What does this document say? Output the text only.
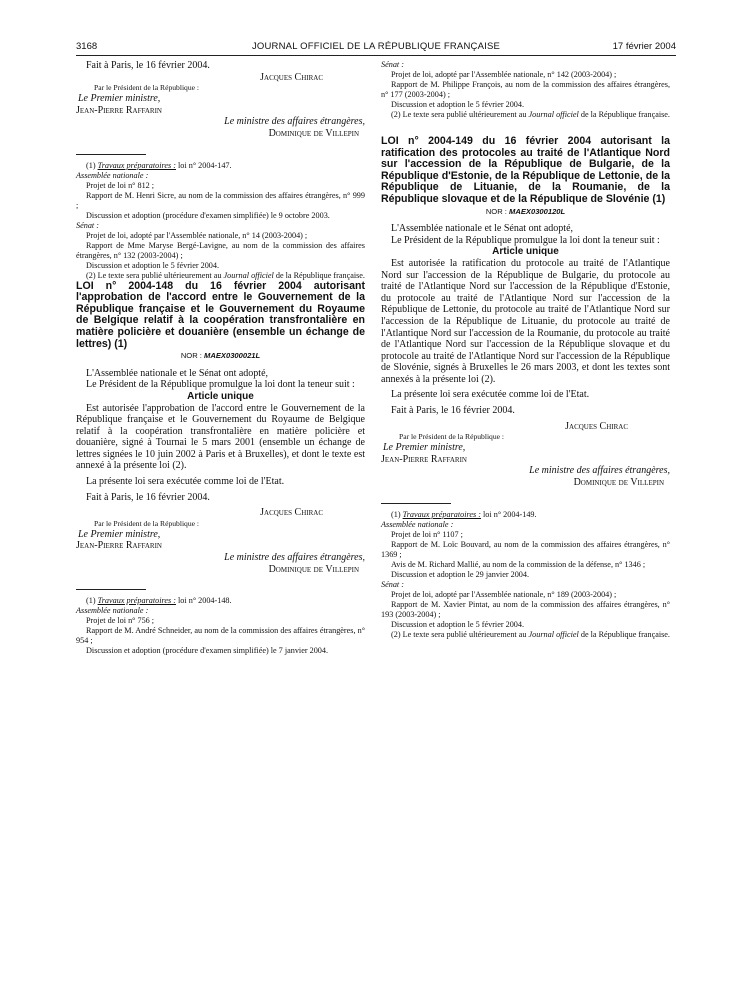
3168	JOURNAL OFFICIEL DE LA RÉPUBLIQUE FRANÇAISE	17 février 2004

Fait à Paris, le 16 février 2004.

Jacques Chirac

Par le Président de la République :

Le Premier ministre,

Jean-Pierre Raffarin

Le ministre des affaires étrangères,

Dominique de Villepin

(1) Travaux préparatoires : loi n° 2004-147.

Assemblée nationale :

Projet de loi n° 812 ;

Rapport de M. Henri Sicre, au nom de la commission des affaires étrangères, n° 999 ;

Discussion et adoption (procédure d'examen simplifiée) le 9 octobre 2003.

Sénat :

Projet de loi, adopté par l'Assemblée nationale, n° 14 (2003-2004) ;

Rapport de Mme Maryse Bergé-Lavigne, au nom de la commission des affaires étrangères, n° 132 (2003-2004) ;

Discussion et adoption le 5 février 2004.

(2) Le texte sera publié ultérieurement au Journal officiel de la République française.

LOI n° 2004-148 du 16 février 2004 autorisant l'approbation de l'accord entre le Gouvernement de la République française et le Gouvernement du Royaume de Belgique relatif à la coopération transfrontalière en matière policière et douanière (ensemble un échange de lettres) (1)

NOR : MAEX0300021L

L'Assemblée nationale et le Sénat ont adopté,

Le Président de la République promulgue la loi dont la teneur suit :

Article unique

Est autorisée l'approbation de l'accord entre le Gouvernement de la République française et le Gouvernement du Royaume de Belgique relatif à la coopération transfrontalière en matière policière et douanière, signé à Tournai le 5 mars 2001 (ensemble un échange de lettres signées le 10 juin 2002 à Paris et à Bruxelles), et dont le texte est annexé à la présente loi (2).

La présente loi sera exécutée comme loi de l'Etat.

Fait à Paris, le 16 février 2004.

Jacques Chirac

Par le Président de la République :

Le Premier ministre,

Jean-Pierre Raffarin

Le ministre des affaires étrangères,

Dominique de Villepin

(1) Travaux préparatoires : loi n° 2004-148.

Assemblée nationale :

Projet de loi n° 756 ;

Rapport de M. André Schneider, au nom de la commission des affaires étrangères, n° 954 ;

Discussion et adoption (procédure d'examen simplifiée) le 7 janvier 2004.

Sénat :

Projet de loi, adopté par l'Assemblée nationale, n° 142 (2003-2004) ;

Rapport de M. Philippe François, au nom de la commission des affaires étrangères, n° 177 (2003-2004) ;

Discussion et adoption le 5 février 2004.

(2) Le texte sera publié ultérieurement au Journal officiel de la République française.

LOI n° 2004-149 du 16 février 2004 autorisant la ratification des protocoles au traité de l'Atlantique Nord sur l'accession de la République de Bulgarie, de la République d'Estonie, de la République de Lettonie, de la République de Lituanie, de la Roumanie, de la République slovaque et de la République de Slovénie (1)

NOR : MAEX0300120L

L'Assemblée nationale et le Sénat ont adopté,

Le Président de la République promulgue la loi dont la teneur suit :

Article unique

Est autorisée la ratification du protocole au traité de l'Atlantique Nord sur l'accession de la République de Bulgarie, du protocole au traité de l'Atlantique Nord sur l'accession de la République d'Estonie, du protocole au traité de l'Atlantique Nord sur l'accession de la République de Lettonie, du protocole au traité de l'Atlantique Nord sur l'accession de la République de Lituanie, du protocole au traité de l'Atlantique Nord sur l'accession de la Roumanie, du protocole au traité de l'Atlantique Nord sur l'accession de la République slovaque et du protocole au traité de l'Atlantique Nord sur l'accession de la République de Slovénie, signés à Bruxelles le 26 mars 2003, et dont les textes sont annexés à la présente loi (2).

La présente loi sera exécutée comme loi de l'Etat.

Fait à Paris, le 16 février 2004.

Jacques Chirac

Par le Président de la République :

Le Premier ministre,

Jean-Pierre Raffarin

Le ministre des affaires étrangères,

Dominique de Villepin

(1) Travaux préparatoires : loi n° 2004-149.

Assemblée nationale :

Projet de loi n° 1107 ;

Rapport de M. Loïc Bouvard, au nom de la commission des affaires étrangères, n° 1369 ;

Avis de M. Richard Mallié, au nom de la commission de la défense, n° 1346 ;

Discussion et adoption le 29 janvier 2004.

Sénat :

Projet de loi, adopté par l'Assemblée nationale, n° 189 (2003-2004) ;

Rapport de M. Xavier Pintat, au nom de la commission des affaires étrangères, n° 193 (2003-2004) ;

Discussion et adoption le 5 février 2004.

(2) Le texte sera publié ultérieurement au Journal officiel de la République française.
